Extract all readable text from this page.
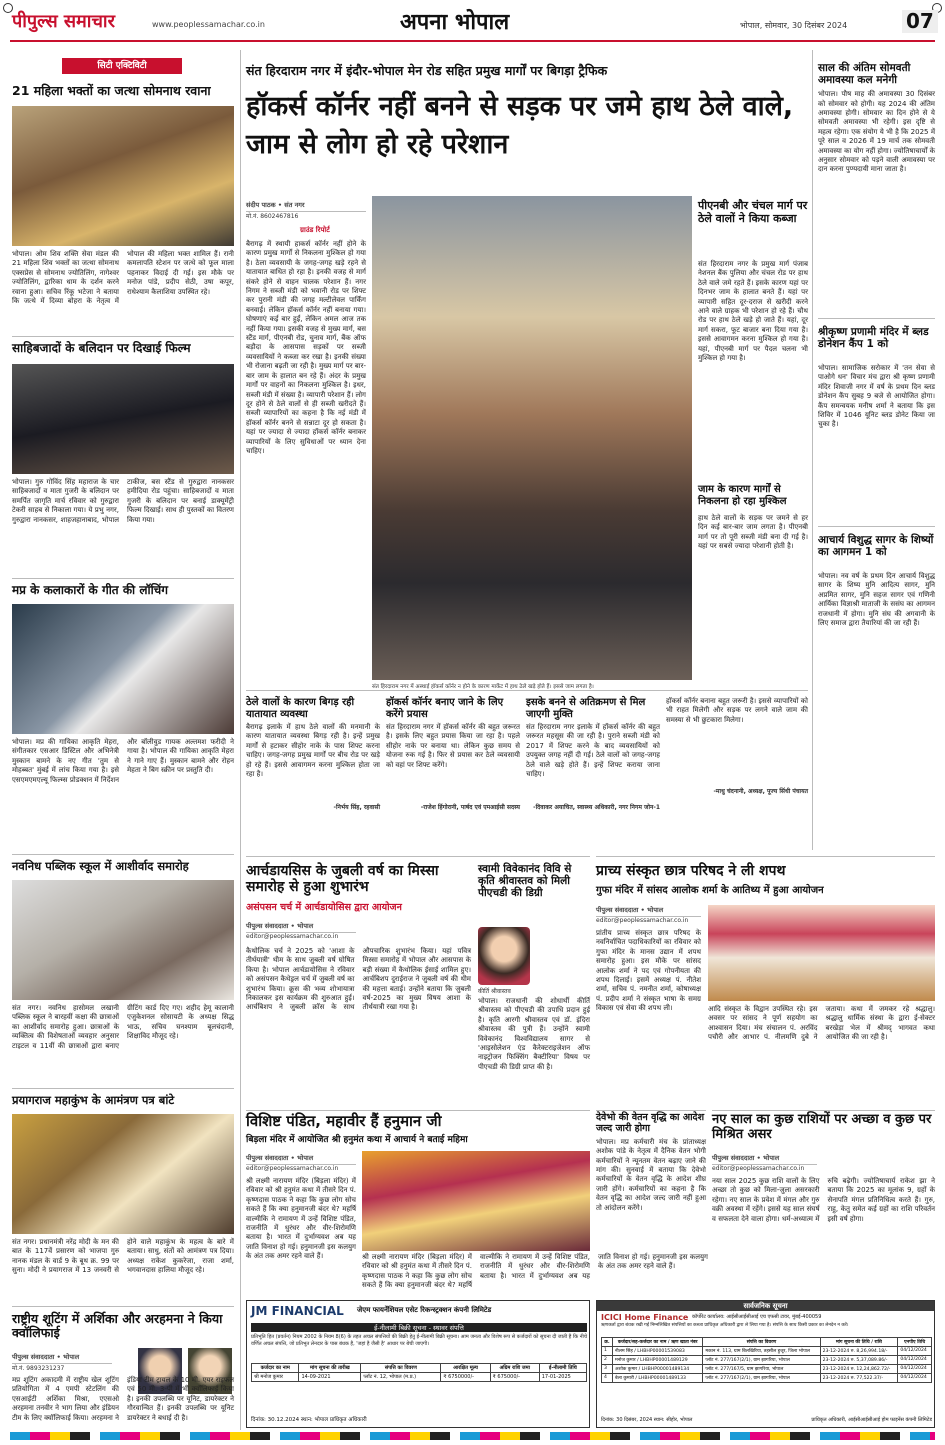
पीपुल्स समाचार	www.peoplessamachar.co.in	अपना भोपाल	भोपाल, सोमवार, 30 दिसंबर 2024	07
सिटी एक्टिविटी
21 महिला भक्तों का जत्था सोमनाथ रवाना
भोपाल। ओम शिव शक्ति सेवा मंडल की 21 महिला शिव भक्तों का जत्था सोमनाथ एक्सप्रेस से सोमनाथ ज्योतिलिंग, नागेश्वर ज्योतिलिंग, द्वारिका धाम के दर्शन करने रवाना हुआ। सचिव रिंकू भटेजा ने बताया कि जत्थे में दिव्या बोहरा के नेतृत्व में भोपाल की महिला भक्त शामिल हैं। रानी कमलापति स्टेशन पर जत्थे को फूल माला पहनाकर विदाई दी गई। इस मौके पर मनोज पांडे, प्रदीप सेठी, उषा कपूर, राधेश्याम कैलाशिया उपस्थित रहे।
साहिबजादों के बलिदान पर दिखाई फिल्म
भोपाल। गुरु गोविंद सिंह महाराज के चार साहिबजादों व माता गुजरी के बलिदान पर समर्पित जागृति मार्च रविवार को गुरुद्वारा टेकरी साहब से निकाला गया। ये प्रभु नगर, गुरुद्वारा नानकसर, शाहजहानाबाद, भोपाल टाकीज, बस स्टैंड से गुरुद्वारा नानकसर हमीदिया रोड पहुंचा। साहिबजादों व माता गुजरी के बलिदान पर बनाई डाक्यूमेंट्री फिल्म दिखाई। साथ ही पुस्तकों का वितरण किया गया।
मप्र के कलाकारों के गीत की लॉचिंग
भोपाल। मप्र की गायिका आकृति मेहरा, संगीतकार एसआर डिस्टिल और अभिनेत्री मुस्कान बामने के नए गीत 'तुम से मोहब्बत' मुंबई में लांच किया गया है। इसे एसएमएमएल्यू फिल्म्स प्रोडक्शन में निर्देशन और बॉलीवुड गायक अल्तमश फरीदी ने गाया है। भोपाल की गायिका आकृति मेहरा ने गाने गाए हैं। मुस्कान बामने और रोहन मेहता ने बिग स्क्रीन पर प्रस्तुति दी।
नवनिध पब्लिक स्कूल में आशीर्वाद समारोह
संत नगर। नवनिध हासोमल लखानी पब्लिक स्कूल ने बारहवीं कक्षा की छात्राओं का आशीर्वाद समारोह हुआ। छात्राओं के व्यक्तित्व की विशेषताओं व्यवहार अनुसार टाइटल व 11वीं की छात्राओं द्वारा बनाए ग्रीटिंग कार्ड दिए गए। शहीद हेमू कालानी एजुकेशनल सोसायटी के अध्यक्ष सिद्ध भाऊ, सचिव घनश्याम बूलचंदानी, शिक्षाविद मौजूद रहे।
प्रयागराज महाकुंभ के आमंत्रण पत्र बांटे
संत नगर। प्रधानमंत्री नरेंद्र मोदी के मन की बात के 117वें प्रसारण को भाजपा गुरु नानक मंडल के वार्ड 9 के बूथ क्र. 99 पर सुना। मोदी ने प्रयागराज में 13 जनवरी से होने वाले महाकुंभ के महत्व के बारे में बताया। साधु, संतों को आमंत्रण पत्र दिया। अध्यक्ष राकेश कुकरेजा, राजा शर्मा, भगवानदास हालिया मौजूद रहे।
राष्ट्रीय शूटिंग में अर्शिका और अरहमना ने किया क्वॉलिफाई
पीपुल्स संवाददाता • भोपाल
मो.नं. 9893231237
मप्र शूटिंग अकादमी में राष्ट्रीय खेल शूटिंग प्रतियोगिता में 4 एमपी स्टेटलिंग की एसआईटी अर्शिका मिश्रा, एएसओ अरहमना तनवीर ने भाग लिया और इंडियन टीम के लिए क्वॉलिफाई किया। अरहमना ने इंडिया टीम ट्रायल के 10 मी. एयर राइफल एवं 50 मी. 3-पी में भी क्वॉलिफाई किया है। इनकी उपलब्धि पर यूनिट, डायरेक्टर ने गौरवान्वित हैं। इनकी उपलब्धि पर यूनिट डायरेक्टर ने बधाई दी है।
संत हिरदाराम नगर में इंदौर-भोपाल मेन रोड सहित प्रमुख मार्गों पर बिगड़ा ट्रैफिक
हॉकर्स कॉर्नर नहीं बनने से सड़क पर जमे हाथ ठेले वाले, जाम से लोग हो रहे परेशान
संदीप पाठक • संत नगर
मो.नं. 8602467816
ग्राउंड रिपोर्ट
बैरागढ़ में स्थायी हाकर्स कॉर्नर नहीं होने के कारण प्रमुख मार्गों से निकलना मुश्किल हो गया है। ठेला व्यवसायी के जगह-जगह खड़े रहने से यातायात बाधित हो रहा है। इनकी वजह से मार्ग संकरे होने से वाहन चालक परेशान हैं। नगर निगम ने सब्जी मंडी को भवानी रोड पर शिफ्ट कर पुरानी मंडी की जगह मल्टीलेवल पार्किंग बनवाई। लेकिन हॉकर्स कॉर्नर नहीं बनाया गया। घोषणाएं कई बार हुईं, लेकिन अमल आज तक नहीं किया गया। इसकी वजह से मुख्य मार्ग, बस स्टैंड मार्ग, पीएनबी रोड, चुनाव मार्ग, बैंक ऑफ बड़ौदा के आसपास सड़कों पर सब्जी व्यवसायियों ने कब्जा कर रखा है। इनकी संख्या भी रोजाना बढ़ती जा रही है। मुख्य मार्ग पर बार-बार जाम के हालात बन रहे हैं। अंदर के प्रमुख मार्गों पर वाहनों का निकलना मुश्किल है। इधर, सब्जी मंडी में संख्या है। व्यापारी परेशान हैं। लोग दूर होने से ठेले वालों से ही सब्जी खरीदते हैं। सब्जी व्यापारियों का कहना है कि नई मंडी में हॉकर्स कॉर्नर बनने से सन्नाटा दूर हो सकता है। यहां पर ज्यादा से ज्यादा हॉकर्स कॉर्नर बनाकर व्यापारियों के लिए सुविधाओं पर ध्यान देना चाहिए।
संत हिरदाराम नगर में अस्थाई हॉकर्स कॉर्नर न होने के कारण मार्केट में हाथ ठेले खड़े होते हैं। इससे जाम लगता है।
पीएनबी और चंचल मार्ग पर ठेले वालों ने किया कब्जा
संत हिरदाराम नगर के प्रमुख मार्ग पंजाब नेशनल बैंक पुलिया और चंचल रोड पर हाथ ठेले वाले जमे रहते हैं। इसके कारण यहां पर दिनभर जाम के हालात बनते हैं। यहां पर व्यापारी सहित दूर-दराज से खरीदी करने आने वाले ग्राहक भी परेशान हो रहे हैं। चौथ रोड पर हाथ ठेले खड़े हो जाते हैं। यहां, दूर मार्ग सकरा, फूट बाजार बना दिया गया है। इससे आवागमन करना मुश्किल हो गया है। यहां, पीएनबी मार्ग पर पैदल चलना भी मुश्किल हो गया है।
जाम के कारण मार्गों से निकलना हो रहा मुश्किल
हाथ ठेले वालों के सड़क पर जमने से हर दिन कई बार-बार जाम लगता है। पीएनबी मार्ग पर तो पूरी सब्जी मंडी बना दी गई है। यहां पर सबसे ज्यादा परेशानी होती है।
ठेले वालों के कारण बिगड़ रही यातायात व्यवस्था
बैरागढ़ इलाके में हाथ ठेले वालों की मनमानी के कारण यातायात व्यवस्था बिगड़ रही है। इन्हें प्रमुख मार्गों से हटाकर सीहोर नाके के पास शिफ्ट करना चाहिए। जगह-जगह प्रमुख मार्गों पर बीच रोड पर खड़े हो रहे हैं। इससे आवागमन करना मुश्किल होता जा रहा है।
-निर्भय सिंह, रहवासी
हॉकर्स कॉर्नर बनाए जाने के लिए करेंगे प्रयास
संत हिरदाराम नगर में हॉकर्स कॉर्नर की बहुत जरूरत है। इसके लिए बहुत प्रयास किया जा रहा है। पहले सीहोर नाके पर बनाया था। लेकिन कुछ समय से योजना रुक गई है। फिर से प्रयास कर ठेले व्यवसायी को वहां पर शिफ्ट करेंगे।
-राजेश हिंगोरानी, पार्षद एवं एमआईसी सदस्य
इसके बनने से अतिक्रमण से मिल जाएगी मुक्ति
संत हिरदाराम नगर इलाके में हॉकर्स कॉर्नर की बहुत जरूरत महसूस की जा रही है। पुराने सब्जी मंडी को 2017 में शिफ्ट करने के बाद व्यवसायियों को उपयुक्त जगह नहीं दी गई। ठेले वालों को जगह-जगह ठेले वाले खड़े होते हैं। इन्हें शिफ्ट कराया जाना चाहिए।
-दिवाकर अयाचित, स्वास्थ्य अधिकारी, नगर निगम जोन-1
हॉकर्स कॉर्नर बनाना बहुत जरूरी है। इससे व्यापारियों को भी राहत मिलेगी और सड़क पर लगने वाले जाम की समस्या से भी छुटकारा मिलेगा।
-माधु चंदनानी, अध्यक्ष, पूज्य सिंधी पंचायत
साल की अंतिम सोमवती अमावस्या कल मनेगी
भोपाल। पौष माह की अमावस्या 30 दिसंबर को सोमवार को होगी। यह 2024 की अंतिम अमावस्या होगी। सोमवार का दिन होने से ये सोमवती अमावस्या भी रहेगी। इस दृष्टि से महत्व रहेगा। एक संयोग ये भी है कि 2025 में पूरे साल व 2026 में 19 मार्च तक सोमवती अमावस्या का योग नहीं होगा। ज्योतिषाचार्यों के अनुसार सोमवार को पड़ने वाली अमावस्या पर दान करना पुण्यदायी माना जाता है।
श्रीकृष्ण प्रणामी मंदिर में ब्लड डोनेशन कैंप 1 को
भोपाल। सामाजिक सरोकार में 'तन सेवा से पाओगे धन' विचार मंच द्वारा श्री कृष्ण प्रणामी मंदिर शिवाजी नगर में वर्ष के प्रथम दिन ब्लड डोनेशन कैंप सुबह 9 बजे से आयोजित होगा। कैंप समन्वयक मनीष शर्मा ने बताया कि इस शिविर में 1046 यूनिट ब्लड डोनेट किया जा चुका है।
आचार्य विशुद्ध सागर के शिष्यों का आगमन 1 को
भोपाल। नव वर्ष के प्रथम दिन आचार्य विशुद्ध सागर के शिष्य मुनि आदित्य सागर, मुनि अप्रमित सागर, मुनि सहज सागर एवं गणिनी आर्यिका विज्ञाश्री माताजी के ससंघ का आगमन राजधानी में होगा। मुनि संघ की अगवानी के लिए समाज द्वारा तैयारियां की जा रही हैं।
आर्चडायसिस के जुबली वर्ष का मिस्सा समारोह से हुआ शुभारंभ
असंपसन चर्च में आर्चडायोसिस द्वारा आयोजन
पीपुल्स संवाददाता • भोपाल
editor@peoplessamachar.co.in
कैथोलिक चर्च ने 2025 को 'आशा के तीर्थयात्री' थीम के साथ जुबली वर्ष घोषित किया है। भोपाल आर्चडायोसिस ने रविवार को असंपसन कैथेड्रल चर्च में जुबली वर्ष का शुभारंभ किया। क्रूस की भव्य शोभायात्रा निकालकर इस कार्यक्रम की शुरुआत हुई। आर्चबिशप ने जुबली क्रॉस के साथ औपचारिक शुभारंभ किया। यहां पवित्र मिस्सा समारोह में भोपाल और आसपास के बड़ी संख्या में कैथोलिक ईसाई शामिल हुए। आर्चबिशप दुराईराज ने जुबली वर्ष की थीम की महत्ता बताई। उन्होंने बताया कि जुबली वर्ष-2025 का मुख्य विषय आशा के तीर्थयात्री रखा गया है।
स्वामी विवेकानंद विवि से कृति श्रीवास्तव को मिली पीएचडी की डिग्री
कीर्ति श्रीवास्तव
भोपाल। राजधानी की शोधार्थी कीर्ति श्रीवास्तव को पीएचडी की उपाधि प्रदान हुई है। कृति आरगी श्रीवास्तव एवं डॉ. इंदिरा श्रीवास्तव की पुत्री हैं। उन्होंने स्वामी विवेकानंद विश्वविद्यालय सागर से 'आइसोलेशन एंड कैरेक्टराइजेशन ऑफ नाइट्रोजन फिक्सिंग बैक्टीरिया' विषय पर पीएचडी की डिग्री प्राप्त की है।
प्राच्य संस्कृत छात्र परिषद ने ली शपथ
गुफा मंदिर में सांसद आलोक शर्मा के आतिथ्य में हुआ आयोजन
पीपुल्स संवाददाता • भोपाल
editor@peoplessamachar.co.in
प्रांतीय प्राच्य संस्कृत छात्र परिषद के नवनिर्वाचित पदाधिकारियों का रविवार को गुफा मंदिर के मानस उद्यान में शपथ समारोह हुआ। इस मौके पर सांसद आलोक शर्मा ने पद एवं गोपनीयता की शपथ दिलाई। इसमें अध्यक्ष पं. नीतेश शर्मा, सचिव पं. नमनीत शर्मा, कोषाध्यक्ष पं. प्रदीप शर्मा ने संस्कृत भाषा के समग्र विकास एवं सेवा की शपथ ली।	आदि संस्कृत के विद्वान उपस्थित रहे। इस अवसर पर सांसद ने पूर्ण सहयोग का आश्वासन दिया। मंच संचालन पं. अरविंद पचौरी और आभार पं. नीलमणि दुबे ने जताया। कथा में जमकर रहे श्रद्धालु। श्रद्धालु धार्मिक संस्था के द्वारा ई-सेक्टर बरखेड़ा भेल में श्रीमद् भागवत कथा आयोजित की जा रही है।
विशिष्ट पंडित, महावीर हैं हनुमान जी
बिड़ला मंदिर में आयोजित श्री हनुमंत कथा में आचार्य ने बताई महिमा
पीपुल्स संवाददाता • भोपाल
editor@peoplessamachar.co.in
श्री लक्ष्मी नारायण मंदिर (बिड़ला मंदिर) में रविवार को श्री हनुमंत कथा में तीसरे दिन पं. कृष्णदास पाठक ने कहा कि कुछ लोग सोच सकते हैं कि क्या हनुमानजी बंदर थे? महर्षि वाल्मीकि ने रामायण में उन्हें विशिष्ट पंडित, राजनीति में धुरंधर और वीर-शिरोमणि बताया है। भारत में दुर्भाग्यवश अब यह जाति विनाश हो गई। हनुमानजी इस कलयुग के अंत तक अमर रहने वाले हैं।	श्री लक्ष्मी नारायण मंदिर (बिड़ला मंदिर) में रविवार को श्री हनुमंत कथा में तीसरे दिन पं. कृष्णदास पाठक ने कहा कि कुछ लोग सोच सकते हैं कि क्या हनुमानजी बंदर थे? महर्षि वाल्मीकि ने रामायण में उन्हें विशिष्ट पंडित, राजनीति में धुरंधर और वीर-शिरोमणि बताया है। भारत में दुर्भाग्यवश अब यह जाति विनाश हो गई। हनुमानजी इस कलयुग के अंत तक अमर रहने वाले हैं।
देवेभो की वेतन वृद्धि का आदेश जल्द जारी होगा
भोपाल। मप्र कर्मचारी मंच के प्रांताध्यक्ष अशोक पांडे के नेतृत्व में दैनिक वेतन भोगी कर्मचारियों ने न्यूनतम वेतन बढ़ाए जाने की मांग की। सुनवाई में बताया कि देवेभो कर्मचारियों के वेतन वृद्धि के आदेश शीघ्र जारी होंगे। कर्मचारियों का कहना है कि वेतन वृद्धि का आदेश जल्द जारी नहीं हुआ तो आंदोलन करेंगे।
नए साल का कुछ राशियों पर अच्छा व कुछ पर मिश्रित असर
पीपुल्स संवाददाता • भोपाल
editor@peoplessamachar.co.in
नया साल 2025 कुछ राशि वालों के लिए अच्छा तो कुछ को मिला-जुला असरकारी रहेगा। नए साल के प्रवेश में मंगल और गुरु वक्री अवस्था में रहेंगे। इससे यह साल संघर्ष व सफलता देने वाला होगा। धर्म-अध्यात्म में रुचि बढ़ेगी। ज्योतिषाचार्य राकेश झा ने बताया कि 2025 का मूलांक 9, ग्रहों के सेनापति मंगल प्रतिनिधित्व करते हैं। गुरु, राहु, केतु समेत कई ग्रहों का राशि परिवर्तन इसी वर्ष होगा।
JM FINANCIAL जेएम फायनेंशियल एसेट रिकन्स्ट्रक्शन कंपनी लिमिटेड
ई-नीलामी बिक्री सूचना - स्थावर संपत्ति
प्रतिभूति हित (प्रवर्तन) नियम 2002 के नियम 8(6) के तहत अचल संपत्तियों की बिक्री हेतु ई-नीलामी बिक्री सूचना। आम जनता और विशेष रूप से कर्जदारों को सूचना दी जाती है कि नीचे वर्णित अचल संपत्ति, जो प्रतिभूत लेनदार के पास बंधक है, 'जहां है जैसी है' आधार पर बेची जाएगी।
कर्जदार का नाम	मांग सूचना की तारीख	संपत्ति का विवरण	आरक्षित मूल्य	अग्रिम राशि जमा	ई-नीलामी तिथि
श्री मनोज कुमार	14-09-2021	प्लॉट नं. 12, भोपाल (म.प्र.)	₹ 6750000/-	₹ 675000/-	17-01-2025
दिनांक: 30.12.2024 स्थान: भोपाल प्राधिकृत अधिकारी
सार्वजनिक सूचना
ICICI Home Finance कॉर्पोरेट कार्यालय: आईसीआईसीआई एच एफसी टावर, मुंबई-400059
ऋणकर्ता द्वारा बंधक रखी गई निम्नलिखित संपत्तियों का कब्जा प्राधिकृत अधिकारी द्वारा ले लिया गया है। संपत्ति के साथ किसी प्रकार का लेनदेन न करें।
क्र.	कर्जदार/सह-कर्जदार का नाम / ऋण खाता नंबर	संपत्ति का विवरण	मांग सूचना की तिथि / राशि	एनपीए तिथि
1	नीलम सिंह / LHBHP00001539083	मकान नं. 113, ग्राम बिलखिरिया, तहसील हुजूर, जिला भोपाल	23-12-2024 रु. 8,26,994.18/-	04/12/2024
2	मनोज कुमार / LHBHP00001489129	प्लॉट नं. 277/167(2/1), ग्राम झागरिया, भोपाल	23-12-2024 रु. 5,37,089.86/-	04/12/2024
3	अशोक कुमार / LHBHP00001489134	प्लॉट नं. 277/167/5, ग्राम झागरिया, भोपाल	23-12-2024 रु. 12,24,862.72/-	04/12/2024
4	बेला कुमारी / LHBHP00001489133	प्लॉट नं. 277/167(2/1), ग्राम झागरिया, भोपाल	23-12-2024 रु. 77,522.37/-	04/12/2024
दिनांक: 30 दिसंबर, 2024 स्थान: सीहोर, भोपाल	प्राधिकृत अधिकारी, आईसीआईसीआई होम फाइनेंस कंपनी लिमिटेड
